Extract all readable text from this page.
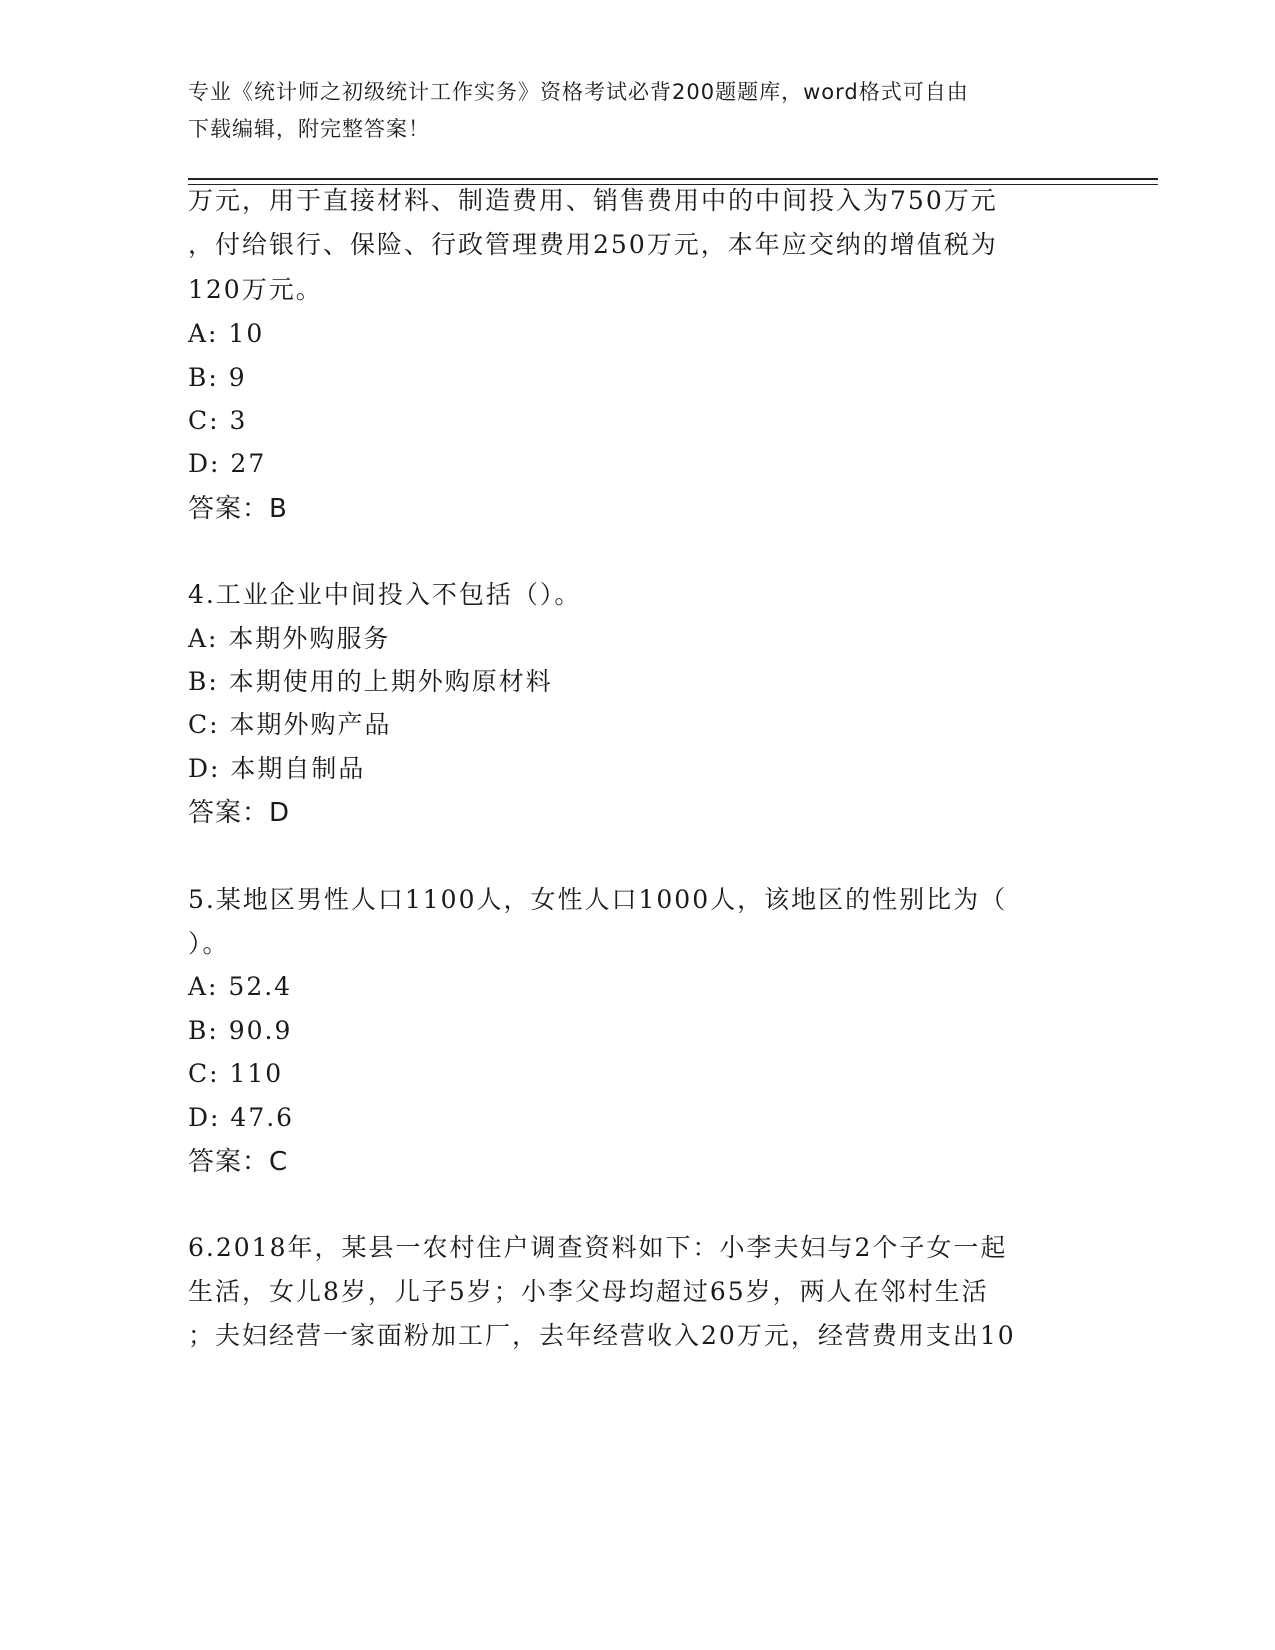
专业《统计师之初级统计工作实务》资格考试必背200题题库，word格式可自由
下载编辑，附完整答案！
万元，用于直接材料、制造费用、销售费用中的中间投入为750万元
，付给银行、保险、行政管理费用250万元，本年应交纳的增值税为
120万元。
A: 10
B: 9
C: 3
D: 27
答案：B
4.工业企业中间投入不包括（）。
A: 本期外购服务
B: 本期使用的上期外购原材料
C: 本期外购产品
D: 本期自制品
答案：D
5.某地区男性人口1100人，女性人口1000人，该地区的性别比为（
）。
A: 52.4
B: 90.9
C: 110
D: 47.6
答案：C
6.2018年，某县一农村住户调查资料如下：小李夫妇与2个子女一起
生活，女儿8岁，儿子5岁；小李父母均超过65岁，两人在邻村生活
；夫妇经营一家面粉加工厂，去年经营收入20万元，经营费用支出10
